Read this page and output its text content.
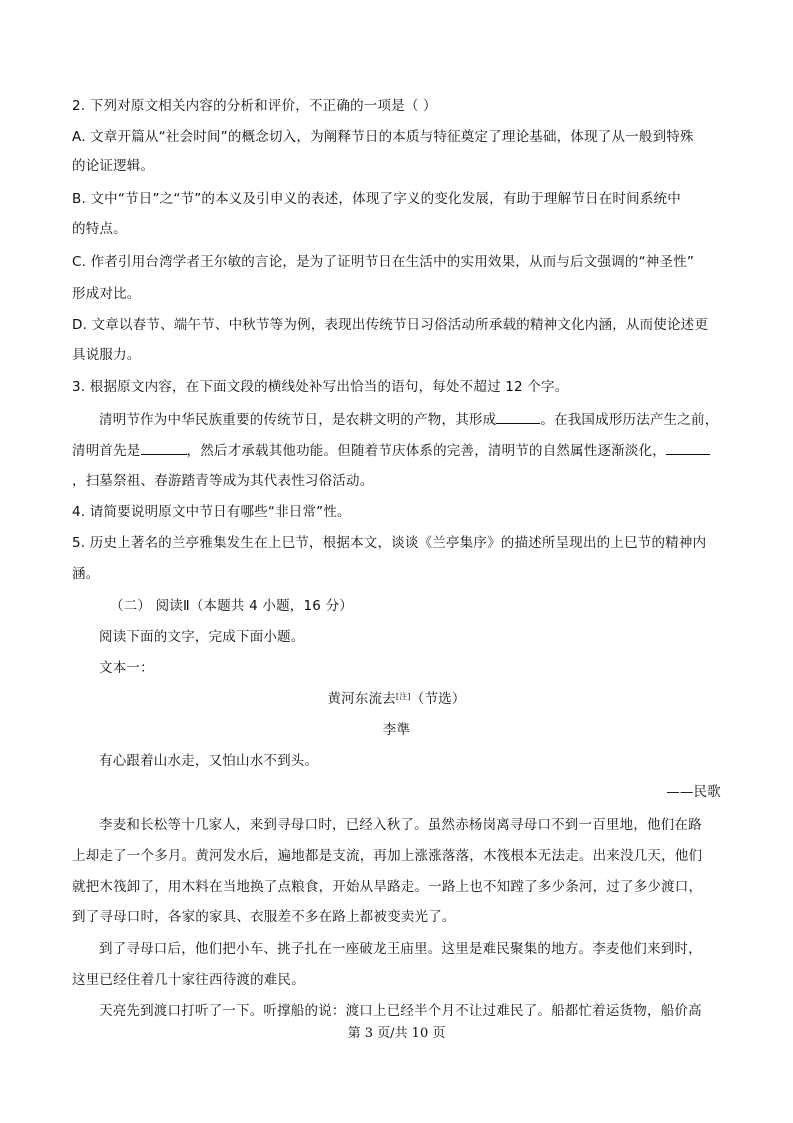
2. 下列对原文相关内容的分析和评价，不正确的一项是（ ）
A. 文章开篇从“社会时间”的概念切入，为阐释节日的本质与特征奠定了理论基础，体现了从一般到特殊
的论证逻辑。
B. 文中“节日”之“节”的本义及引申义的表述，体现了字义的变化发展，有助于理解节日在时间系统中
的特点。
C. 作者引用台湾学者王尔敏的言论，是为了证明节日在生活中的实用效果，从而与后文强调的“神圣性”
形成对比。
D. 文章以春节、端午节、中秋节等为例，表现出传统节日习俗活动所承载的精神文化内涵，从而使论述更
具说服力。
3. 根据原文内容，在下面文段的横线处补写出恰当的语句，每处不超过 12 个字。
清明节作为中华民族重要的传统节日，是农耕文明的产物，其形成	。在我国成形历法产生之前，
清明首先是	，然后才承载其他功能。但随着节庆体系的完善，清明节的自然属性逐渐淡化，
，扫墓祭祖、春游踏青等成为其代表性习俗活动。
4. 请简要说明原文中节日有哪些“非日常”性。
5. 历史上著名的兰亭雅集发生在上巳节，根据本文，谈谈《兰亭集序》的描述所呈现出的上巳节的精神内
涵。
（二） 阅读Ⅱ（本题共 4 小题，16 分）
阅读下面的文字，完成下面小题。
文本一：
黄河东流去[注]（节选）
李準
有心跟着山水走，又怕山水不到头。
——民歌
李麦和长松等十几家人，来到寻母口时，已经入秋了。虽然赤杨岗离寻母口不到一百里地，他们在路
上却走了一个多月。黄河发水后，遍地都是支流，再加上涨涨落落，木筏根本无法走。出来没几天，他们
就把木筏卸了，用木料在当地换了点粮食，开始从旱路走。一路上也不知蹚了多少条河，过了多少渡口，
到了寻母口时，各家的家具、衣服差不多在路上都被变卖光了。
到了寻母口后，他们把小车、挑子扎在一座破龙王庙里。这里是难民聚集的地方。李麦他们来到时，
这里已经住着几十家往西待渡的难民。
天亮先到渡口打听了一下。听撑船的说：渡口上已经半个月不让过难民了。船都忙着运货物，船价高
第 3 页/共 10 页
